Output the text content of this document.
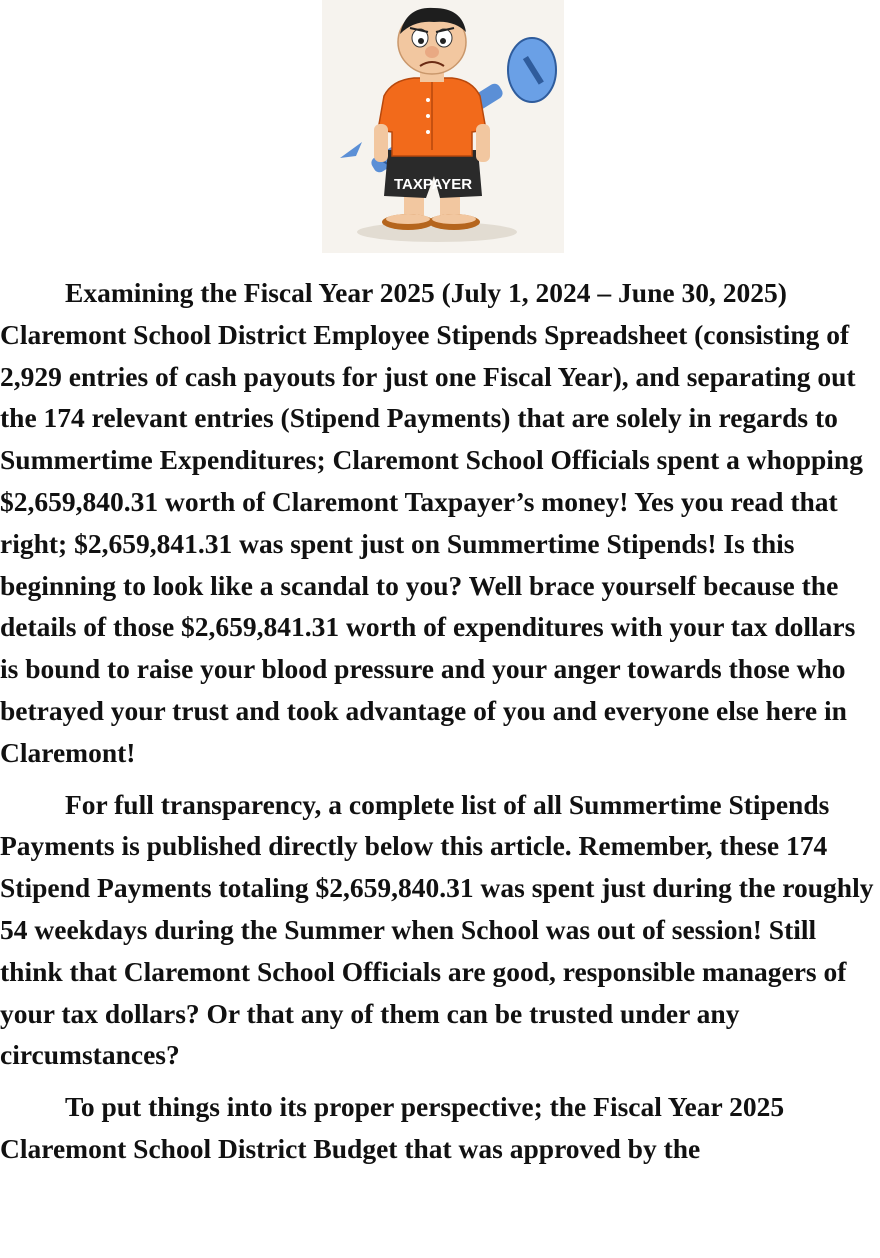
TAXPAYER

Examining the Fiscal Year 2025 (July 1, 2024 – June 30, 2025) Claremont School District Employee Stipends Spreadsheet (consisting of 2,929 entries of cash payouts for just one Fiscal Year), and separating out the 174 relevant entries (Stipend Payments) that are solely in regards to Summertime Expenditures; Claremont School Officials spent a whopping $2,659,840.31 worth of Claremont Taxpayer’s money! Yes you read that right; $2,659,841.31 was spent just on Summertime Stipends! Is this beginning to look like a scandal to you? Well brace yourself because the details of those $2,659,841.31 worth of expenditures with your tax dollars is bound to raise your blood pressure and your anger towards those who betrayed your trust and took advantage of you and everyone else here in Claremont!

For full transparency, a complete list of all Summertime Stipends Payments is published directly below this article. Remember, these 174 Stipend Payments totaling $2,659,840.31 was spent just during the roughly 54 weekdays during the Summer when School was out of session! Still think that Claremont School Officials are good, responsible managers of your tax dollars? Or that any of them can be trusted under any circumstances?

To put things into its proper perspective; the Fiscal Year 2025 Claremont School District Budget that was approved by the
